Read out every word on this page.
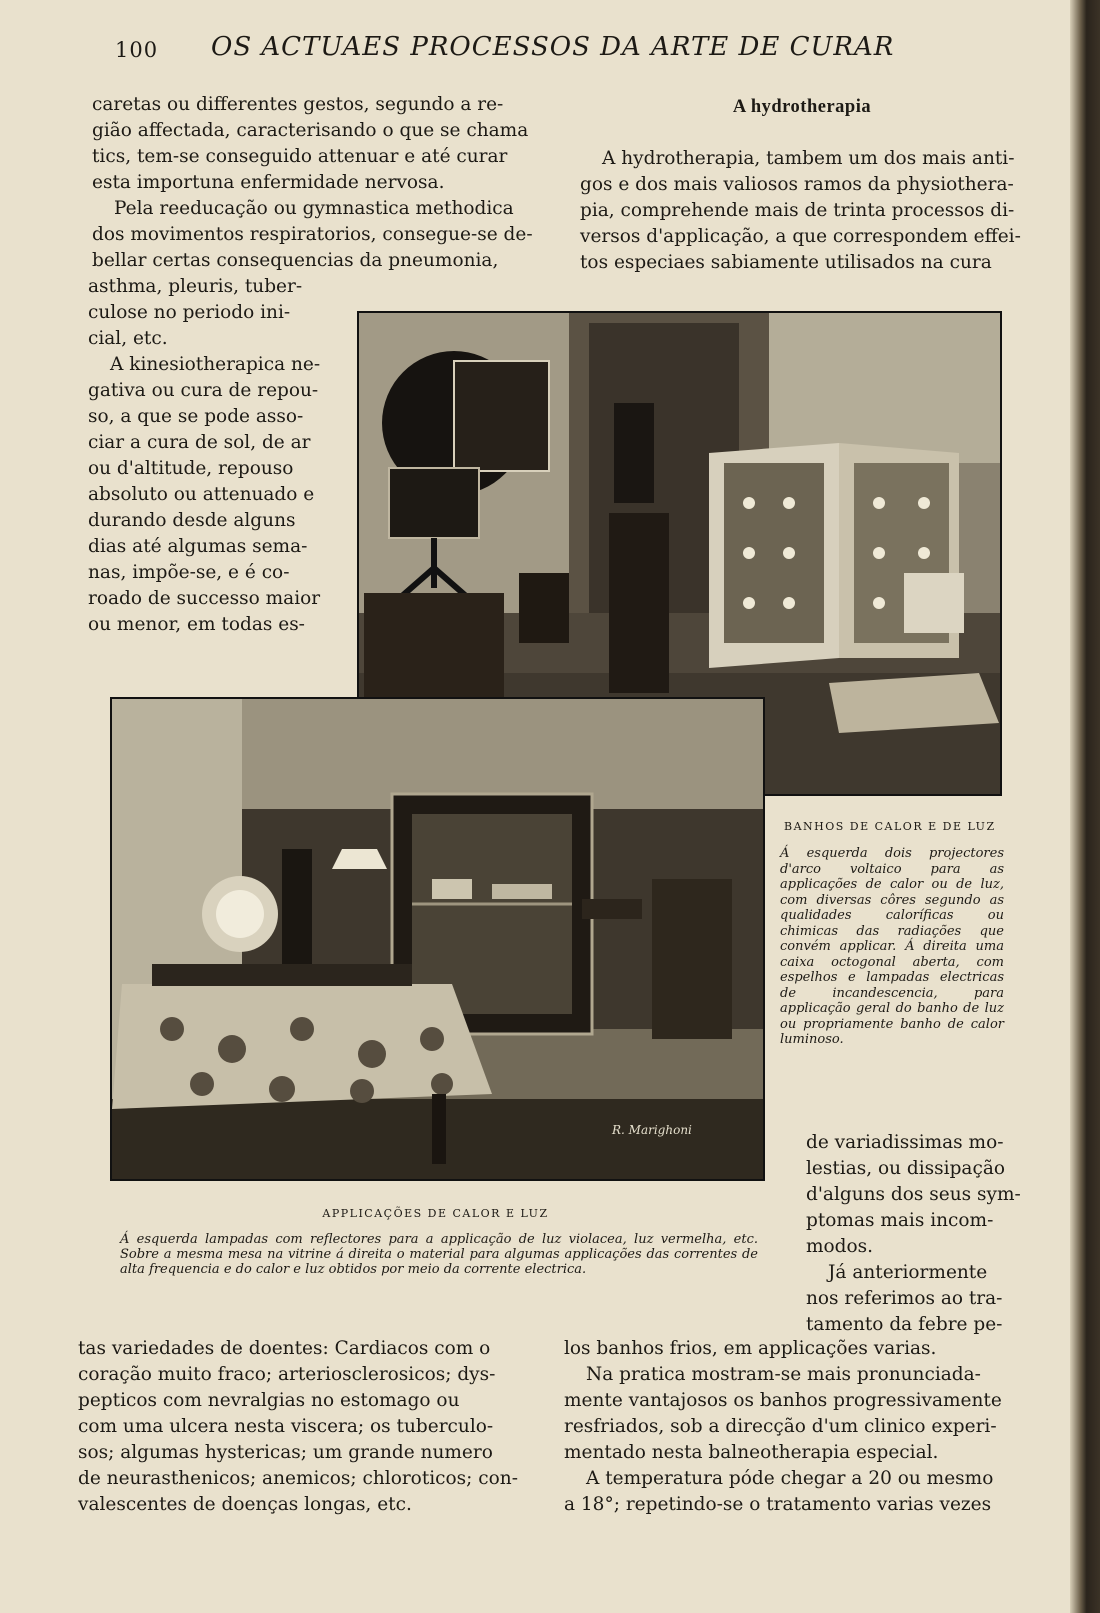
100 OS ACTUAES PROCESSOS DA ARTE DE CURAR

caretas ou differentes gestos, segundo a re-

gião affectada, caracterisando o que se chama

tics, tem-se conseguido attenuar e até curar

esta importuna enfermidade nervosa.

Pela reeducação ou gymnastica methodica

dos movimentos respiratorios, consegue-se de-

bellar certas consequencias da pneumonia,

asthma, pleuris, tuber-

culose no periodo ini-

cial, etc.

A kinesiotherapica ne-

gativa ou cura de repou-

so, a que se pode asso-

ciar a cura de sol, de ar

ou d'altitude, repouso

absoluto ou attenuado e

durando desde alguns

dias até algumas sema-

nas, impõe-se, e é co-

roado de successo maior

ou menor, em todas es-

A hydrotherapia

A hydrotherapia, tambem um dos mais anti-

gos e dos mais valiosos ramos da physiothera-

pia, comprehende mais de trinta processos di-

versos d'applicação, a que correspondem effei-

tos especiaes sabiamente utilisados na cura

R. Marighoni
BANHOS DE CALOR E DE LUZ
Á esquerda dois projectores d'arco voltaico para as applicações de calor ou de luz, com diversas côres segundo as qualidades caloríficas ou chimicas das radiações que convém applicar. Á direita uma caixa octogonal aberta, com espelhos e lampadas electricas de incandescencia, para applicação geral do banho de luz ou propriamente banho de calor luminoso.
APPLICAÇÕES DE CALOR E LUZ
Á esquerda lampadas com reflectores para a applicação de luz violacea, luz vermelha, etc. Sobre a mesma mesa na vitrine á direita o material para algumas applicações das correntes de alta frequencia e do calor e luz obtidos por meio da corrente electrica.

de variadissimas mo-

lestias, ou dissipação

d'alguns dos seus sym-

ptomas mais incom-

modos.

Já anteriormente

nos referimos ao tra-

tamento da febre pe-

tas variedades de doentes: Cardiacos com o

coração muito fraco; arteriosclerosicos; dys-

pepticos com nevralgias no estomago ou

com uma ulcera nesta viscera; os tuberculo-

sos; algumas hystericas; um grande numero

de neurasthenicos; anemicos; chloroticos; con-

valescentes de doenças longas, etc.

los banhos frios, em applicações varias.

Na pratica mostram-se mais pronunciada-

mente vantajosos os banhos progressivamente

resfriados, sob a direcção d'um clinico experi-

mentado nesta balneotherapia especial.

A temperatura póde chegar a 20 ou mesmo

a 18°; repetindo-se o tratamento varias vezes
